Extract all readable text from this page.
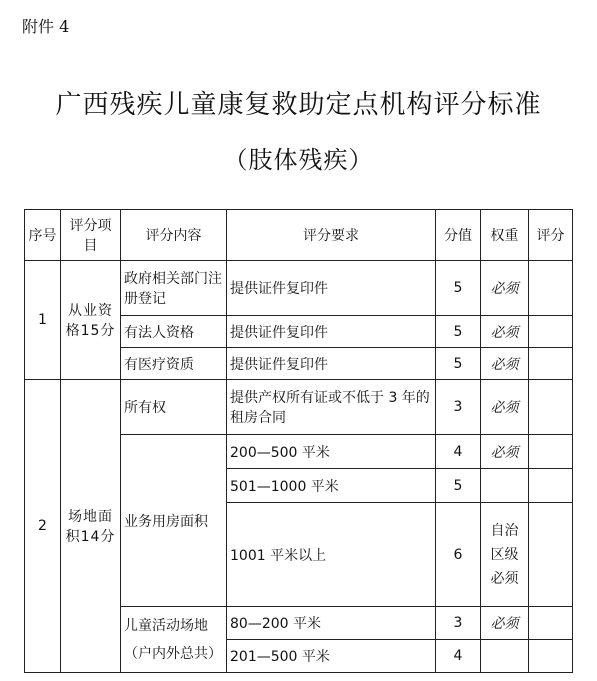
附件 4
广西残疾儿童康复救助定点机构评分标准
（肢体残疾）
序号	评分项目	评分内容	评分要求	分值	权重	评分
1	从业资格15分	政府相关部门注册登记	提供证件复印件	5	必须	
		有法人资格	提供证件复印件	5	必须	
		有医疗资质	提供证件复印件	5	必须	
2	场地面积14分	所有权	提供产权所有证或不低于 3 年的租房合同	3	必须	
		业务用房面积	200—500 平米	4	必须	
			501—1000 平米	5		
			1001 平米以上	6	自治区级必须	
		儿童活动场地（户内外总共）	80—200 平米	3	必须	
			201—500 平米	4		
